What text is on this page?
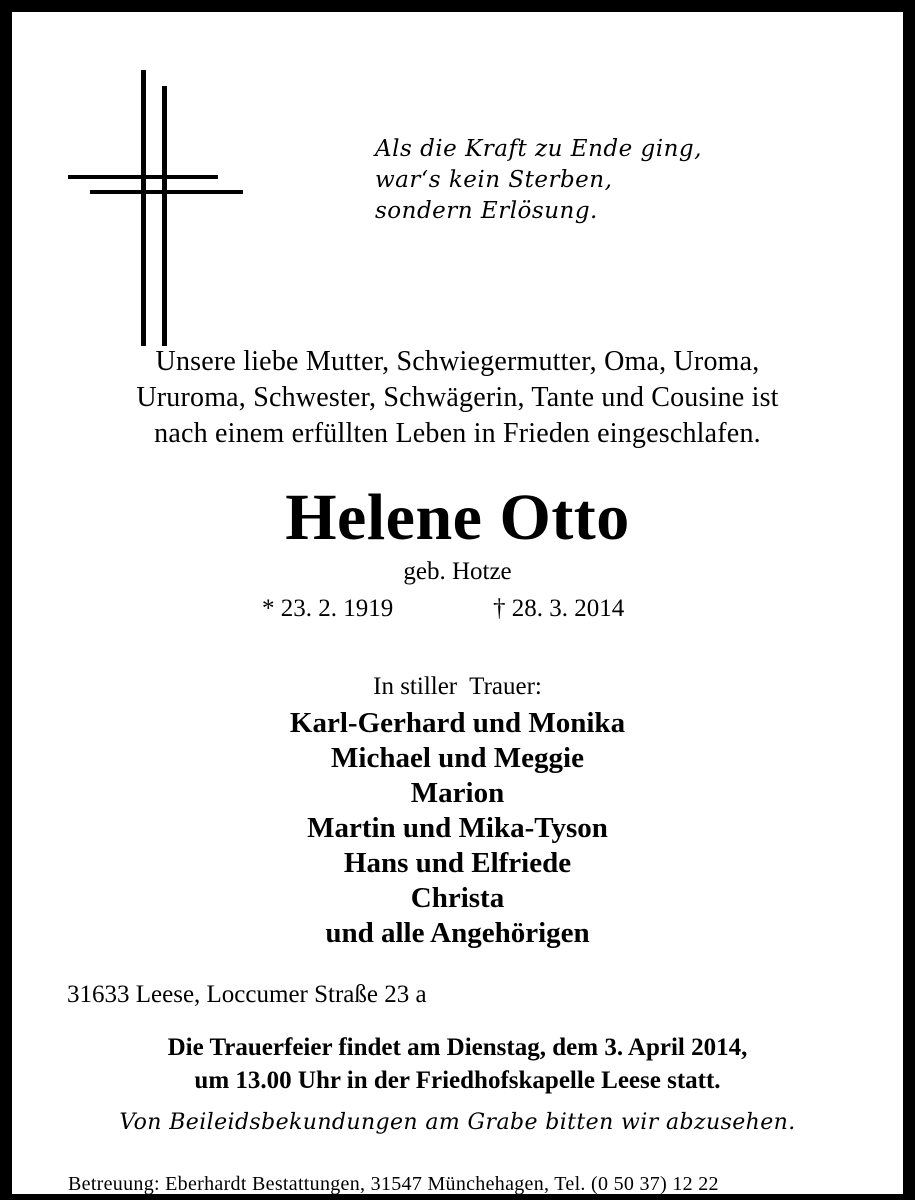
Als die Kraft zu Ende ging,
war‘s kein Sterben,
sondern Erlösung.
Unsere liebe Mutter, Schwiegermutter, Oma, Uroma,
Ururoma, Schwester, Schwägerin, Tante und Cousine ist
nach einem erfüllten Leben in Frieden eingeschlafen.
Helene Otto
geb. Hotze
* 23. 2. 1919	† 28. 3. 2014
In stiller  Trauer:
Karl-Gerhard und Monika
Michael und Meggie
Marion
Martin und Mika-Tyson
Hans und Elfriede
Christa
und alle Angehörigen
31633 Leese, Loccumer Straße 23 a
Die Trauerfeier findet am Dienstag, dem 3. April 2014,
um 13.00 Uhr in der Friedhofskapelle Leese statt.
Von Beileidsbekundungen am Grabe bitten wir abzusehen.
Betreuung: Eberhardt Bestattungen, 31547 Münchehagen, Tel. (0 50 37) 12 22
